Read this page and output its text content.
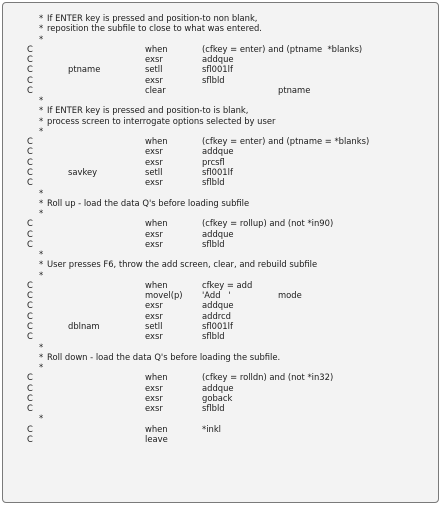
* If ENTER key is pressed and position-to non blank,
* reposition the subfile to close to what was entered.
*
C	when	(cfkey = enter) and (ptname  *blanks)
C	exsr	addque
C	ptname	setll	sfl001lf
C	exsr	sflbld
C	clear	ptname
*
* If ENTER key is pressed and position-to is blank,
* process screen to interrogate options selected by user
*
C	when	(cfkey = enter) and (ptname = *blanks)
C	exsr	addque
C	exsr	prcsfl
C	savkey	setll	sfl001lf
C	exsr	sflbld
*
* Roll up - load the data Q's before loading subfile
*
C	when	(cfkey = rollup) and (not *in90)
C	exsr	addque
C	exsr	sflbld
*
* User presses F6, throw the add screen, clear, and rebuild subfile
*
C	when	cfkey = add
C	movel(p) 'Add   '	mode
C	exsr	addque
C	exsr	addrcd
C	dblnam	setll	sfl001lf
C	exsr	sflbld
*
* Roll down - load the data Q's before loading the subfile.
*
C	when	(cfkey = rolldn) and (not *in32)
C	exsr	addque
C	exsr	goback
C	exsr	sflbld
*
C	when	*inkl
C	leave
